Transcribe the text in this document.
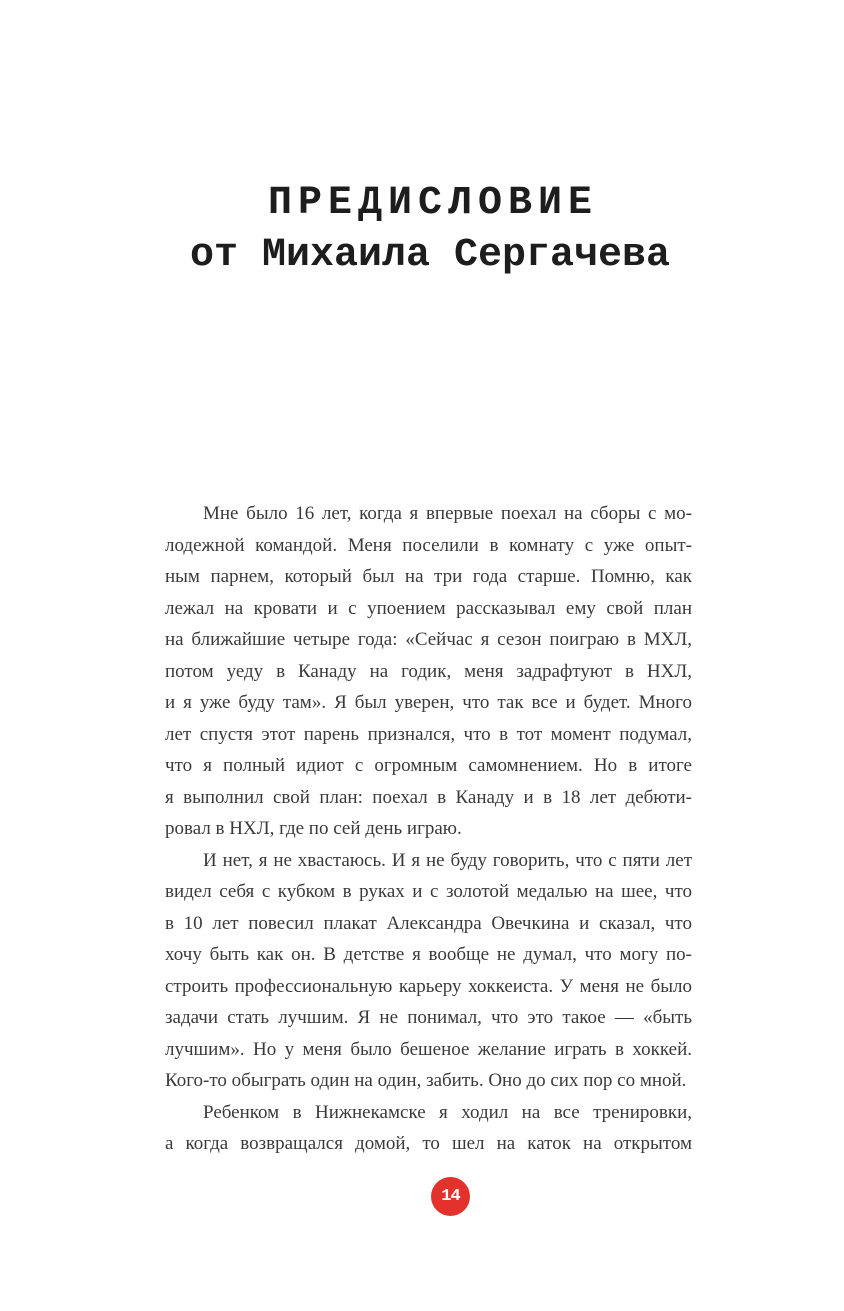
ПРЕДИСЛОВИЕ
от Михаила Сергачева
Мне было 16 лет, когда я впервые поехал на сборы с мо-
лодежной командой. Меня поселили в комнату с уже опыт-
ным парнем, который был на три года старше. Помню, как
лежал на кровати и с упоением рассказывал ему свой план
на ближайшие четыре года: «Сейчас я сезон поиграю в МХЛ,
потом уеду в Канаду на годик, меня задрафтуют в НХЛ,
и я уже буду там». Я был уверен, что так все и будет. Много
лет спустя этот парень признался, что в тот момент подумал,
что я полный идиот с огромным самомнением. Но в итоге
я выполнил свой план: поехал в Канаду и в 18 лет дебюти-
ровал в НХЛ, где по сей день играю.
И нет, я не хвастаюсь. И я не буду говорить, что с пяти лет
видел себя с кубком в руках и с золотой медалью на шее, что
в 10 лет повесил плакат Александра Овечкина и сказал, что
хочу быть как он. В детстве я вообще не думал, что могу по-
строить профессиональную карьеру хоккеиста. У меня не было
задачи стать лучшим. Я не понимал, что это такое — «быть
лучшим». Но у меня было бешеное желание играть в хоккей.
Кого-то обыграть один на один, забить. Оно до сих пор со мной.
Ребенком в Нижнекамске я ходил на все тренировки,
а когда возвращался домой, то шел на каток на открытом
14
